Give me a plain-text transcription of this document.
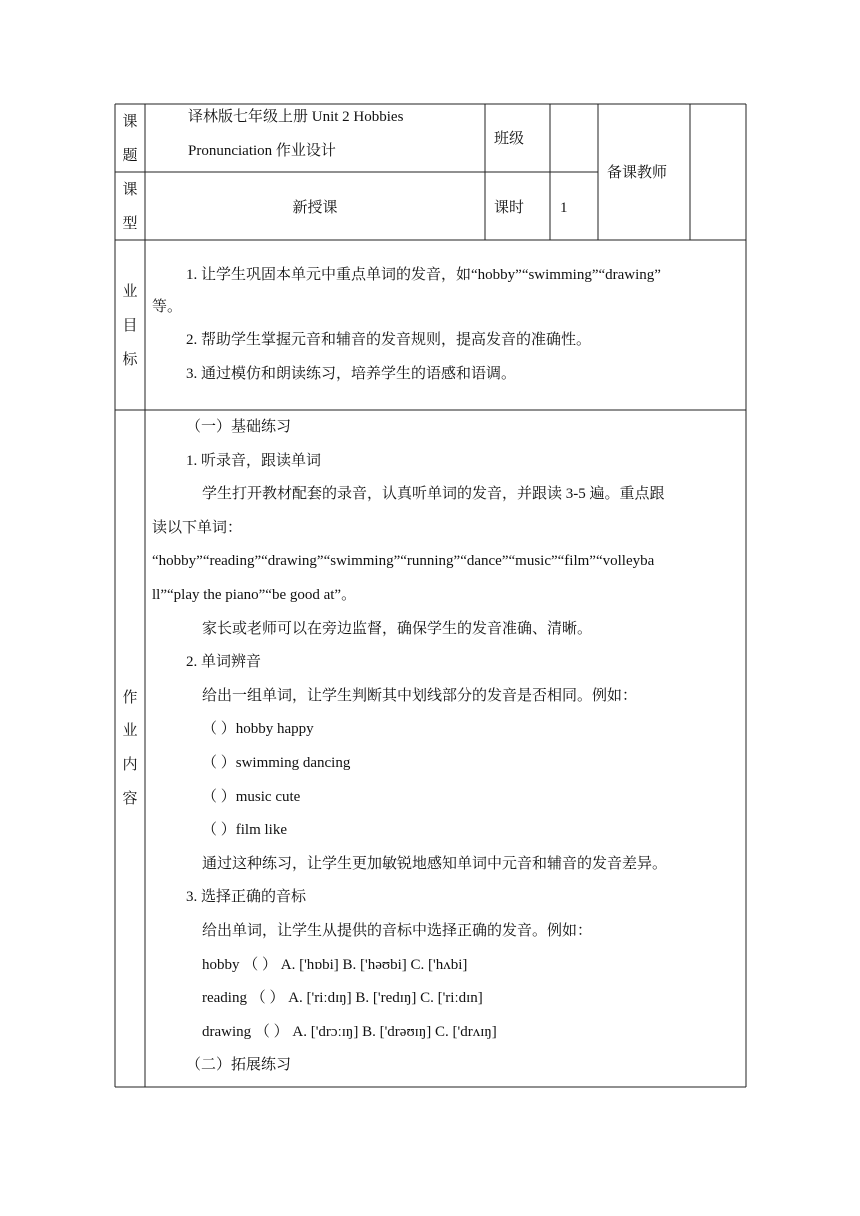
课
题
译林版七年级上册 Unit 2 Hobbies
Pronunciation 作业设计
班级
备课教师
课
型
新授课	课时 1
业
目
标
1. 让学生巩固本单元中重点单词的发音，如“hobby”“swimming”“drawing”
等。
2. 帮助学生掌握元音和辅音的发音规则，提高发音的准确性。
3. 通过模仿和朗读练习，培养学生的语感和语调。
作
业
内
容
（一）基础练习
1. 听录音，跟读单词
学生打开教材配套的录音，认真听单词的发音，并跟读 3-5 遍。重点跟
读以下单词：
“hobby”“reading”“drawing”“swimming”“running”“dance”“music”“film”“volleyba
ll”“play the piano”“be good at”。
家长或老师可以在旁边监督，确保学生的发音准确、清晰。
2. 单词辨音
给出一组单词，让学生判断其中划线部分的发音是否相同。例如：
（ ）hobby happy
（ ）swimming dancing
（ ）music cute
（ ）film like
通过这种练习，让学生更加敏锐地感知单词中元音和辅音的发音差异。
3. 选择正确的音标
给出单词，让学生从提供的音标中选择正确的发音。例如：
hobby （ ） A. ['hɒbi] B. ['həʊbi] C. ['hʌbi]
reading （ ） A. ['riːdɪŋ] B. ['redɪŋ] C. ['riːdɪn]
drawing （ ） A. ['drɔːɪŋ] B. ['drəʊɪŋ] C. ['drʌɪŋ]
（二）拓展练习
